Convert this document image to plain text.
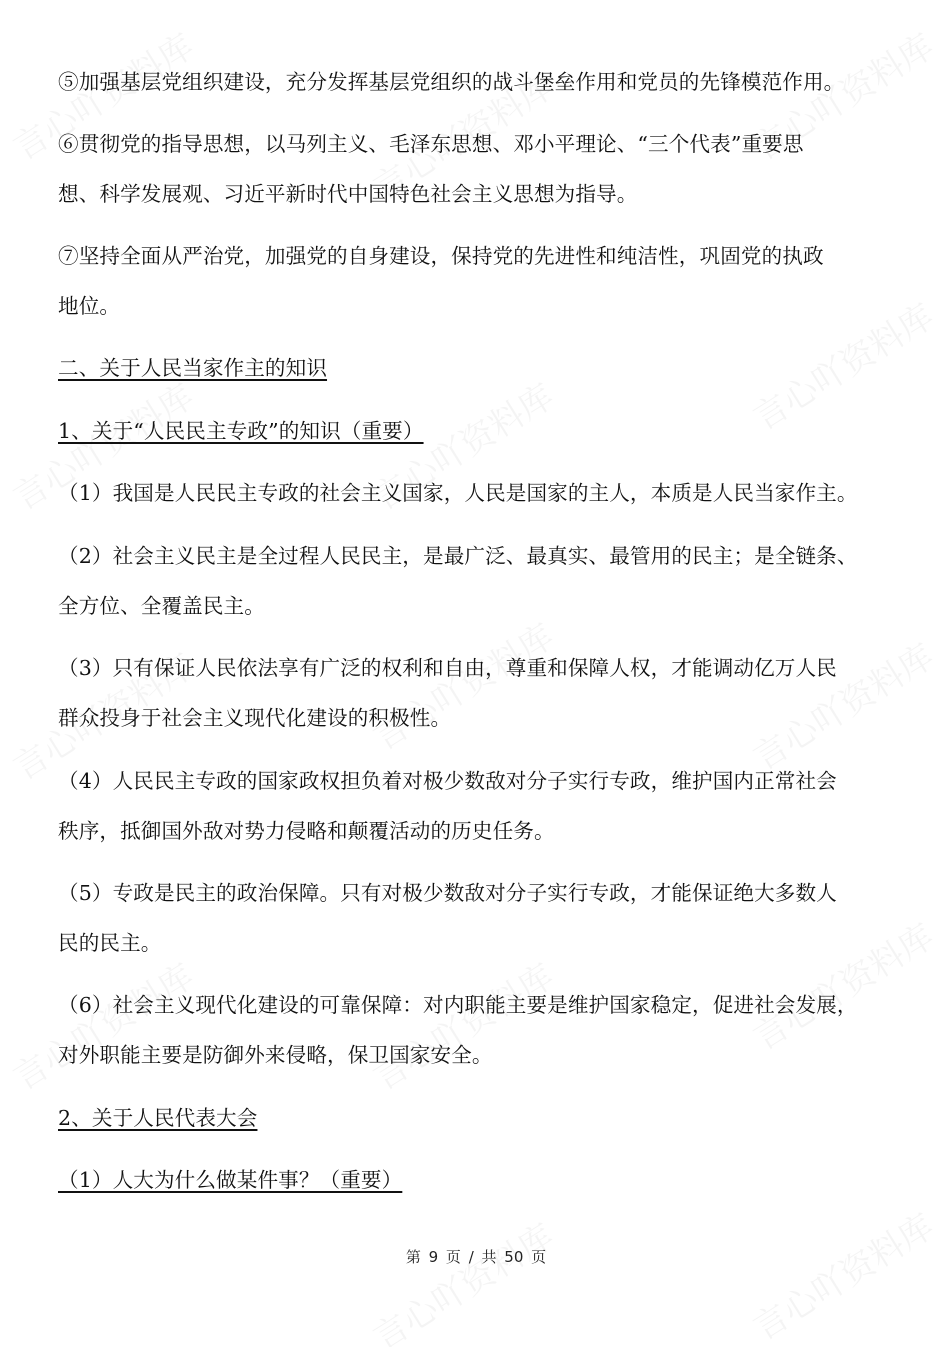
⑤加强基层党组织建设，充分发挥基层党组织的战斗堡垒作用和党员的先锋模范作用。
⑥贯彻党的指导思想，以马列主义、毛泽东思想、邓小平理论、“三个代表”重要思
想、科学发展观、习近平新时代中国特色社会主义思想为指导。
⑦坚持全面从严治党，加强党的自身建设，保持党的先进性和纯洁性，巩固党的执政
地位。
二、关于人民当家作主的知识
1、关于“人民民主专政”的知识（重要）
（1）我国是人民民主专政的社会主义国家，人民是国家的主人，本质是人民当家作主。
（2）社会主义民主是全过程人民民主，是最广泛、最真实、最管用的民主；是全链条、
全方位、全覆盖民主。
（3）只有保证人民依法享有广泛的权利和自由，尊重和保障人权，才能调动亿万人民
群众投身于社会主义现代化建设的积极性。
（4）人民民主专政的国家政权担负着对极少数敌对分子实行专政，维护国内正常社会
秩序，抵御国外敌对势力侵略和颠覆活动的历史任务。
（5）专政是民主的政治保障。只有对极少数敌对分子实行专政，才能保证绝大多数人
民的民主。
（6）社会主义现代化建设的可靠保障：对内职能主要是维护国家稳定，促进社会发展，
对外职能主要是防御外来侵略，保卫国家安全。
2、关于人民代表大会
（1）人大为什么做某件事？（重要）
第 9 页 / 共 50 页
